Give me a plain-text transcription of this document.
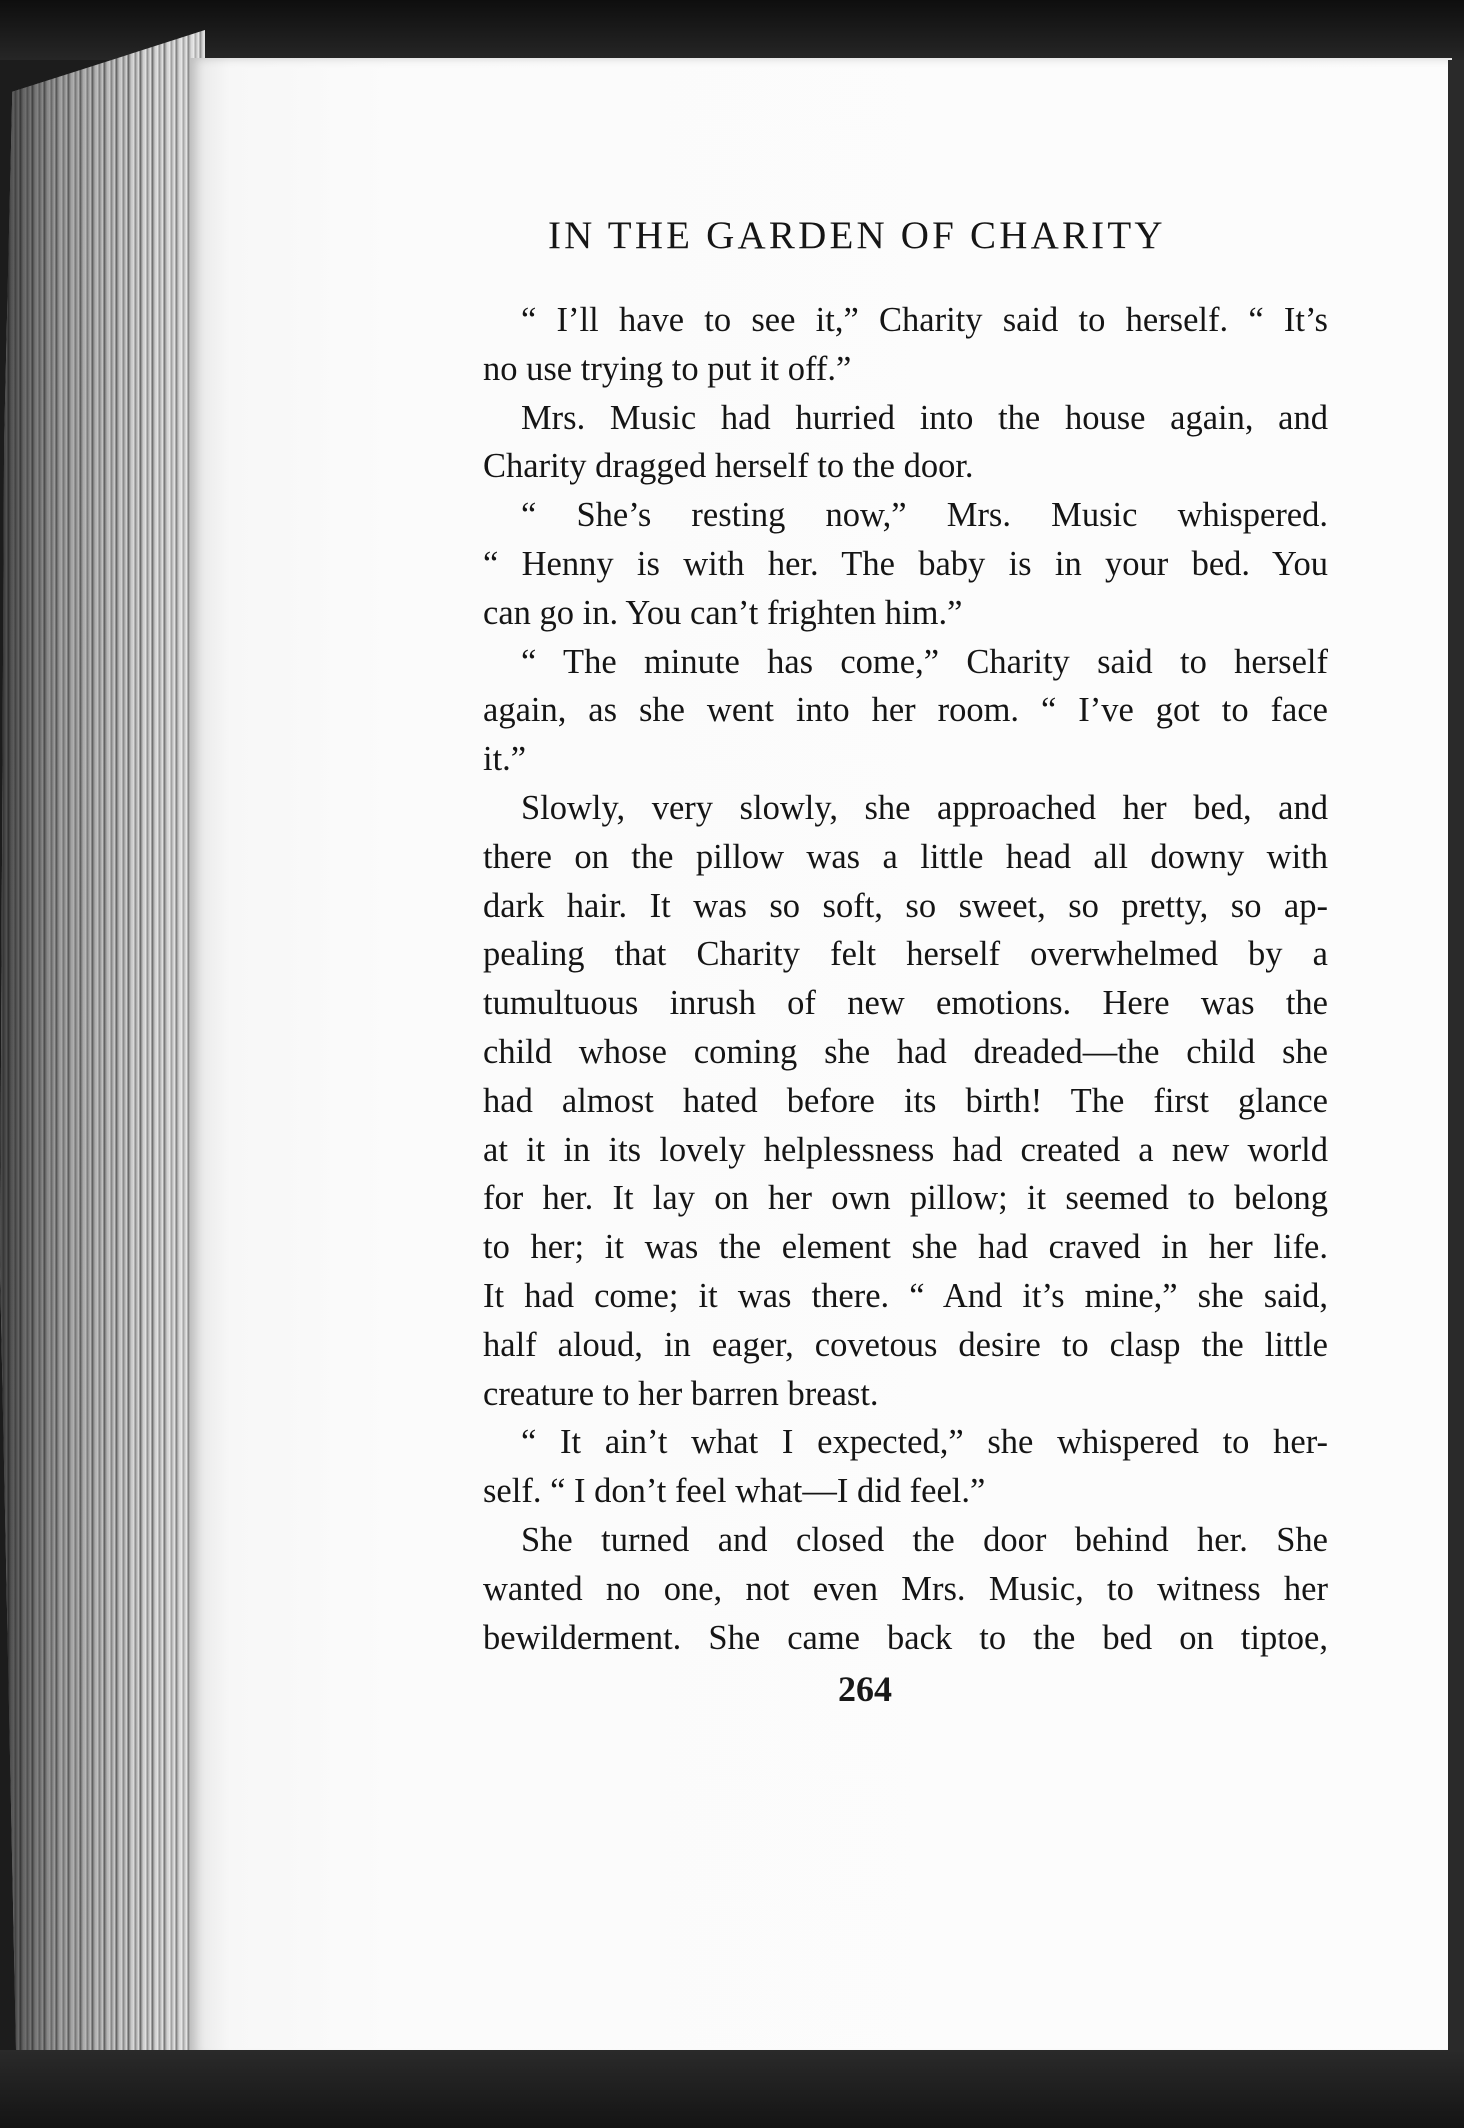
IN THE GARDEN OF CHARITY
“ I’ll have to see it,” Charity said to herself. “ It’s
no use trying to put it off.”
Mrs. Music had hurried into the house again, and
Charity dragged herself to the door.
“ She’s resting now,” Mrs. Music whispered.
“ Henny is with her. The baby is in your bed. You
can go in. You can’t frighten him.”
“ The minute has come,” Charity said to herself
again, as she went into her room. “ I’ve got to face
it.”
Slowly, very slowly, she approached her bed, and
there on the pillow was a little head all downy with
dark hair. It was so soft, so sweet, so pretty, so ap-
pealing that Charity felt herself overwhelmed by a
tumultuous inrush of new emotions. Here was the
child whose coming she had dreaded—the child she
had almost hated before its birth! The first glance
at it in its lovely helplessness had created a new world
for her. It lay on her own pillow; it seemed to belong
to her; it was the element she had craved in her life.
It had come; it was there. “ And it’s mine,” she said,
half aloud, in eager, covetous desire to clasp the little
creature to her barren breast.
“ It ain’t what I expected,” she whispered to her-
self. “ I don’t feel what—I did feel.”
She turned and closed the door behind her. She
wanted no one, not even Mrs. Music, to witness her
bewilderment. She came back to the bed on tiptoe,
264
